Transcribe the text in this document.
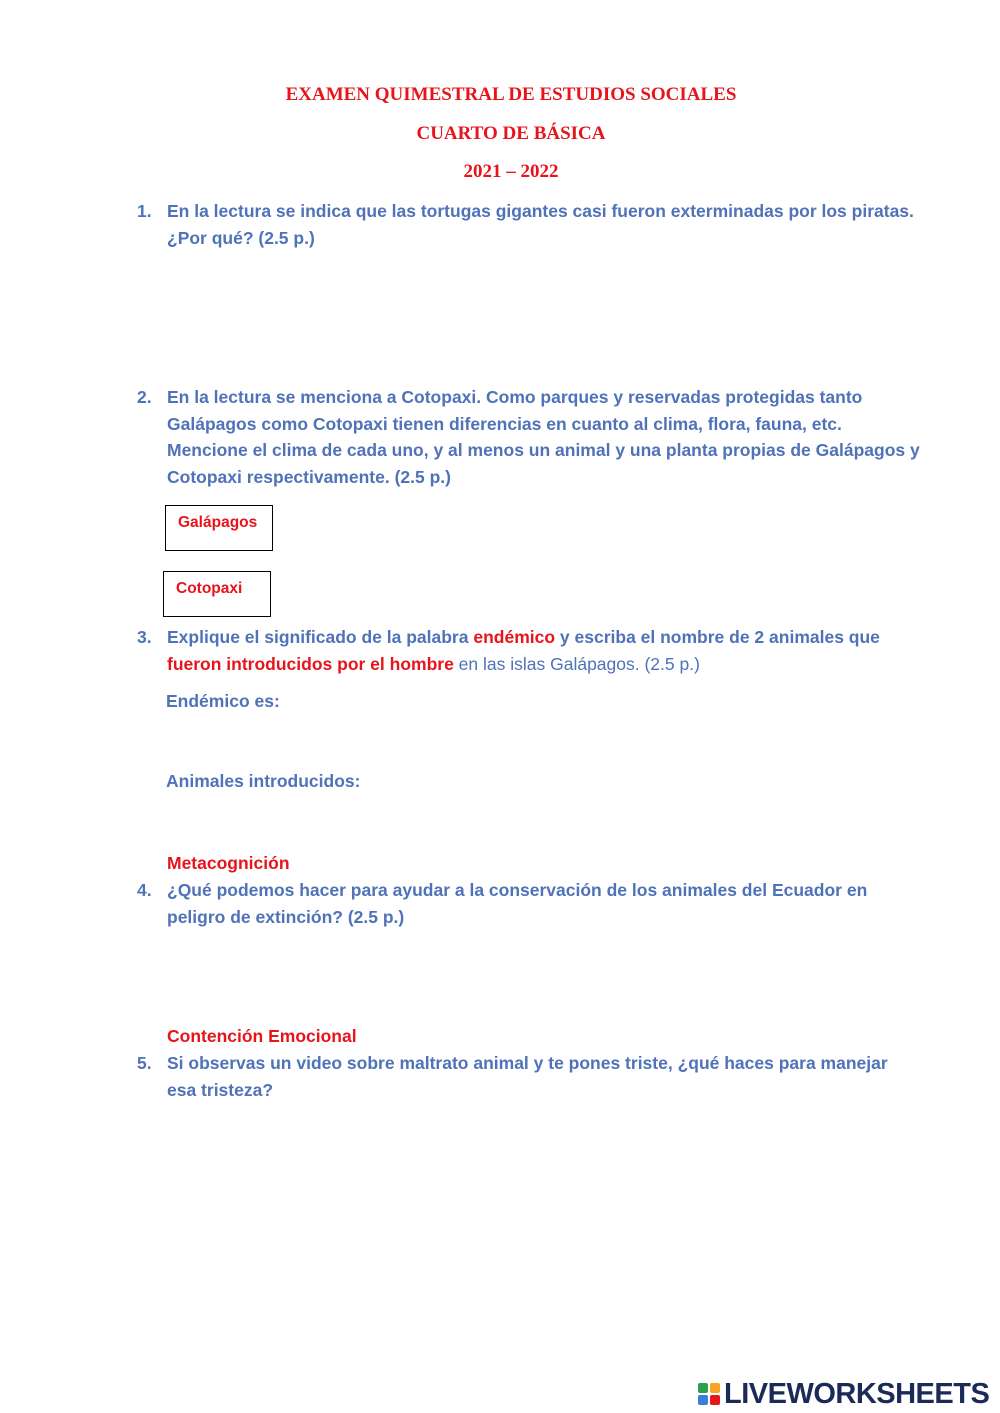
EXAMEN QUIMESTRAL DE ESTUDIOS SOCIALES
CUARTO DE BÁSICA
2021 – 2022
1. En la lectura se indica que las tortugas gigantes casi fueron exterminadas por los piratas. ¿Por qué? (2.5 p.)
2. En la lectura se menciona a Cotopaxi. Como parques y reservadas protegidas tanto Galápagos como Cotopaxi tienen diferencias en cuanto al clima, flora, fauna, etc. Mencione el clima de cada uno, y al menos un animal y una planta propias de Galápagos y Cotopaxi respectivamente. (2.5 p.)
Galápagos
Cotopaxi
3. Explique el significado de la palabra endémico y escriba el nombre de 2 animales que fueron introducidos por el hombre en las islas Galápagos. (2.5 p.)
Endémico es:
Animales introducidos:
Metacognición
4. ¿Qué podemos hacer para ayudar a la conservación de los animales del Ecuador en peligro de extinción? (2.5 p.)
Contención Emocional
5. Si observas un video sobre maltrato animal y te pones triste, ¿qué haces para manejar esa tristeza?
LIVEWORKSHEETS
